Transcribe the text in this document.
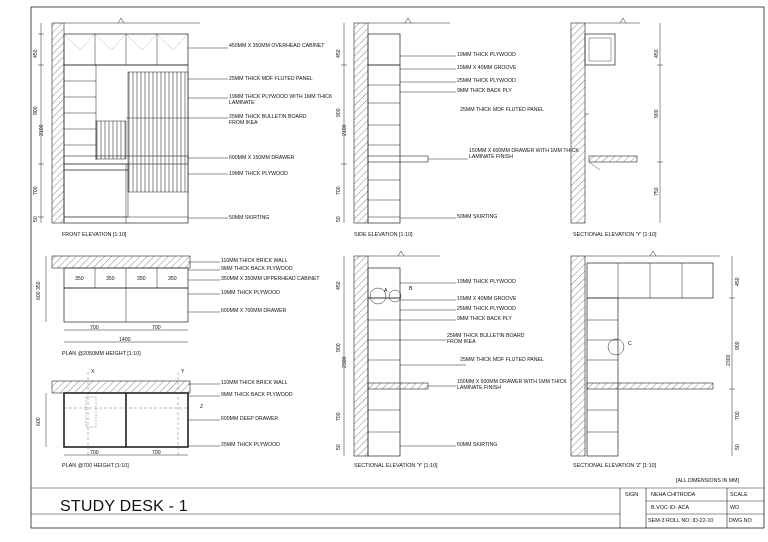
FRONT ELEVATION [1:10]
450MM X 350MM OVERHEAD CABINET
25MM THICK MDF FLUTED PANEL
19MM THICK PLYWOOD WITH 1MM THICK LAMINATE
25MM THICK BULLETIN BOARD FROM IKEA
600MM X 150MM DRAWER
19MM THICK PLYWOOD
50MM SKIRTING
450
900
2100
700
50
SIDE ELEVATION [1:10]
19MM THICK PLYWOOD
15MM X 40MM GROOVE
25MM THICK PLYWOOD
9MM THICK BACK PLY
25MM THICK MDF FLUTED PANEL
150MM X 600MM DRAWER WITH 1MM THICK LAMINATE FINISH
50MM SKIRTING
450
900
2100
700
50
SECTIONAL ELEVATION 'Y' [1:10]
450
900
750
PLAN @2050MM HEIGHT [1:10]
350	350	350	350
700	700
1400
350
600
110MM THICK BRICK WALL
9MM THICK BACK PLYWOOD
350MM X 350MM UPPERHEAD CABINET
19MM THICK PLYWOOD
600MM X 700MM DRAWER
PLAN @700 HEIGHT [1:10]
X	Y
Z
700	700
600
110MM THICK BRICK WALL
9MM THICK BACK PLYWOOD
600MM DEEP DRAWER
25MM THICK PLYWOOD
SECTIONAL ELEVATION 'Y' [1:10]
A	B
19MM THICK PLYWOOD
15MM X 40MM GROOVE
25MM THICK PLYWOOD
9MM THICK BACK PLY
25MM THICK BULLETIN BOARD FROM IKEA
25MM THICK MDF FLUTED PANEL
150MM X 600MM DRAWER WITH 1MM THICK LAMINATE FINISH
50MM SKIRTING
450
900
2300
700
50
SECTIONAL ELEVATION 'Z' [1:10]
C
450
900
2300
700
50
[ALL DIMENSIONS IN MM]
STUDY DESK - 1
SIGN NEHA CHITRODA	SCALE
B.VOC-ID- ACA	WD
SEM-3 ROLL NO: ID-22-10	DWG NO
